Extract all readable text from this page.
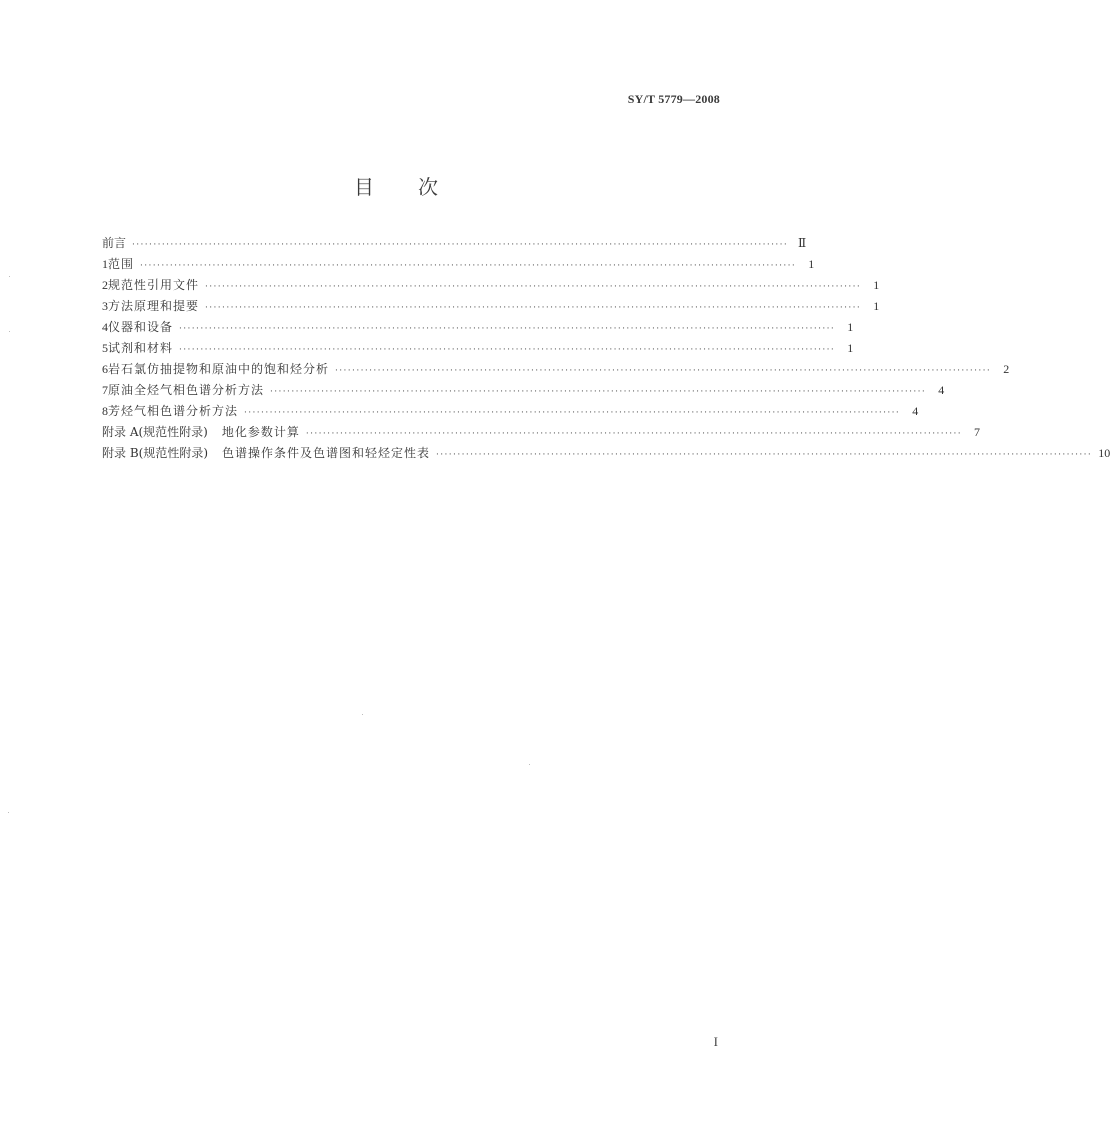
SY/T 5779—2008
目次
前言 ·························································································································································· Ⅱ
1 范围 ··························································································································································	1
2 规范性引用文件 ··························································································································································	1
3 方法原理和提要 ··························································································································································	1
4 仪器和设备 ··························································································································································	1
5 试剂和材料 ··························································································································································	1
6 岩石氯仿抽提物和原油中的饱和烃分析 ··························································································································································	2
7 原油全烃气相色谱分析方法 ··························································································································································	4
8 芳烃气相色谱分析方法 ··························································································································································	4
附录 A(规范性附录) 地化参数计算 ··························································································································································	7
附录 B(规范性附录) 色谱操作条件及色谱图和轻烃定性表 ·························································································································································· 10
I
